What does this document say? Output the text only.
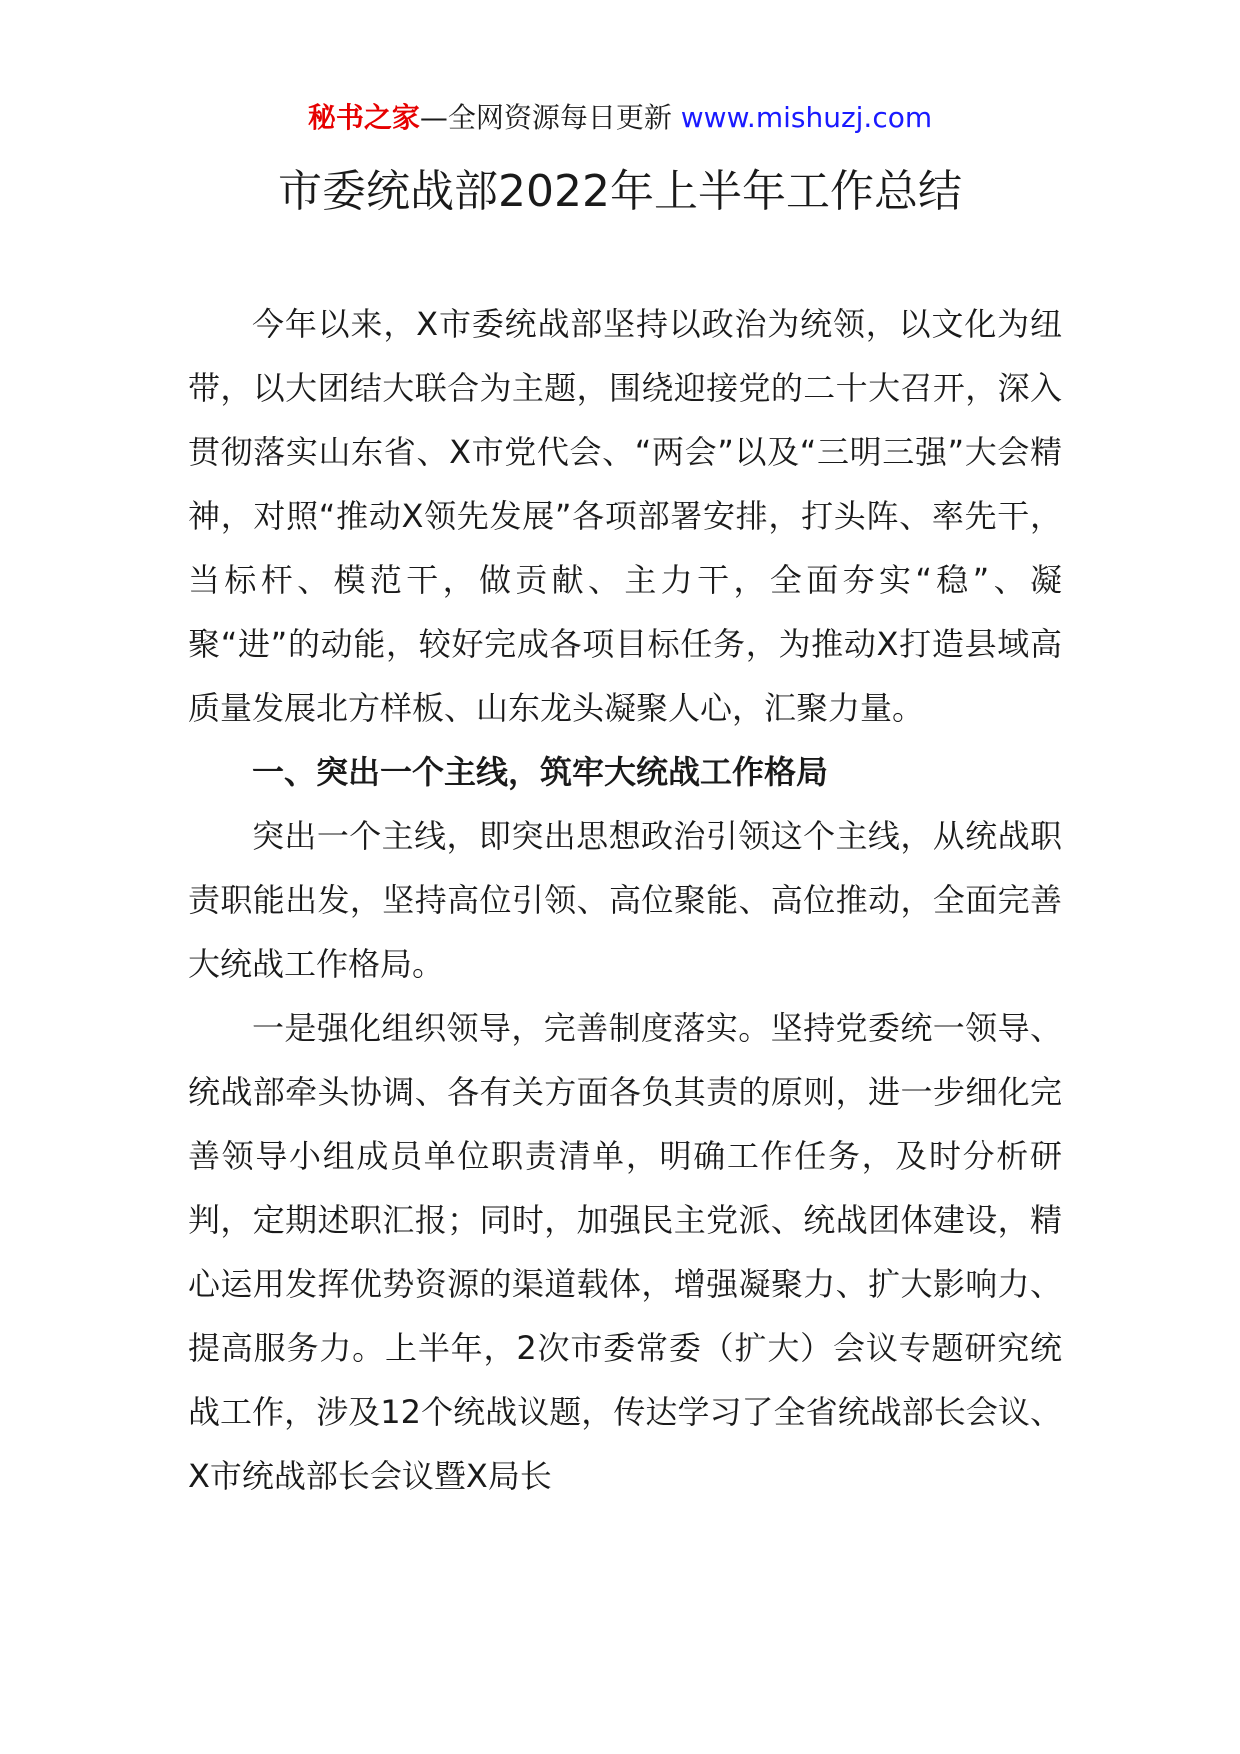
秘书之家—全网资源每日更新 www.mishuzj.com
市委统战部2022年上半年工作总结

今年以来，X市委统战部坚持以政治为统领，以文化为纽带，以大团结大联合为主题，围绕迎接党的二十大召开，深入贯彻落实山东省、X市党代会、“两会”以及“三明三强”大会精神，对照“推动X领先发展”各项部署安排，打头阵、率先干，当标杆、模范干，做贡献、主力干，全面夯实“稳”、凝聚“进”的动能，较好完成各项目标任务，为推动X打造县域高质量发展北方样板、山东龙头凝聚人心，汇聚力量。

一、突出一个主线，筑牢大统战工作格局

突出一个主线，即突出思想政治引领这个主线，从统战职责职能出发，坚持高位引领、高位聚能、高位推动，全面完善大统战工作格局。

一是强化组织领导，完善制度落实。坚持党委统一领导、统战部牵头协调、各有关方面各负其责的原则，进一步细化完善领导小组成员单位职责清单，明确工作任务，及时分析研判，定期述职汇报；同时，加强民主党派、统战团体建设，精心运用发挥优势资源的渠道载体，增强凝聚力、扩大影响力、提高服务力。上半年，2次市委常委（扩大）会议专题研究统战工作，涉及12个统战议题，传达学习了全省统战部长会议、X市统战部长会议暨X局长
